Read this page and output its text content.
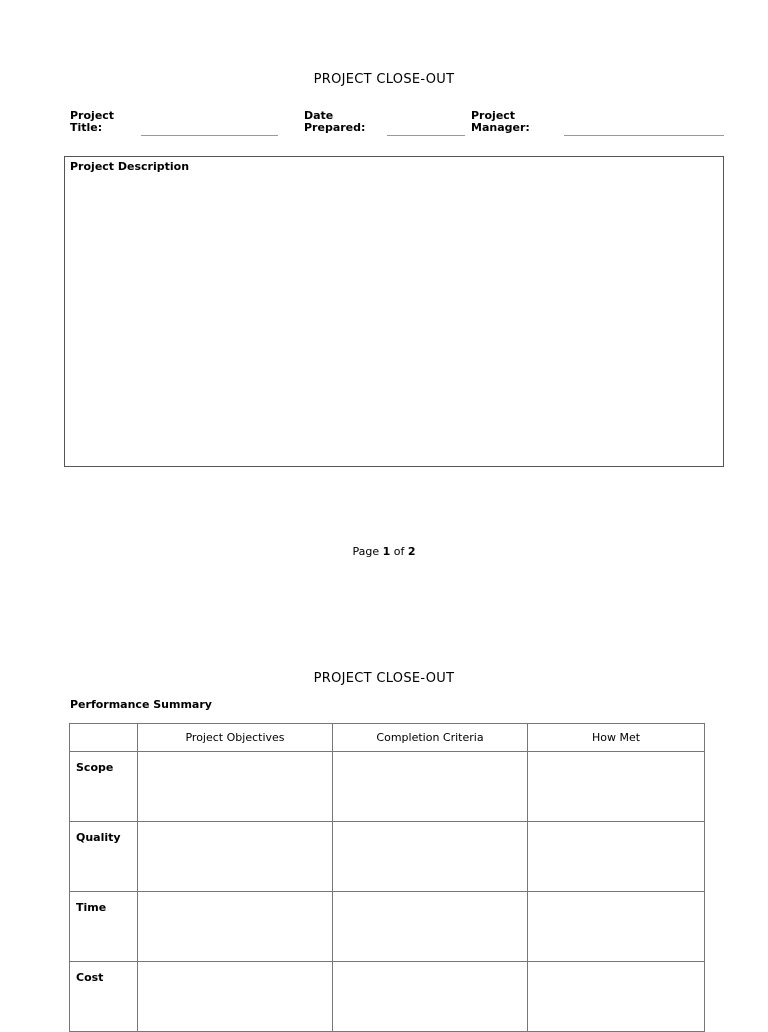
PROJECT CLOSE-OUT
Project
Title:
Date
Prepared:
Project
Manager:
Project Description
Page 1 of 2
PROJECT CLOSE-OUT
Performance Summary
	Project Objectives	Completion Criteria	How Met
Scope			
Quality			
Time			
Cost			
